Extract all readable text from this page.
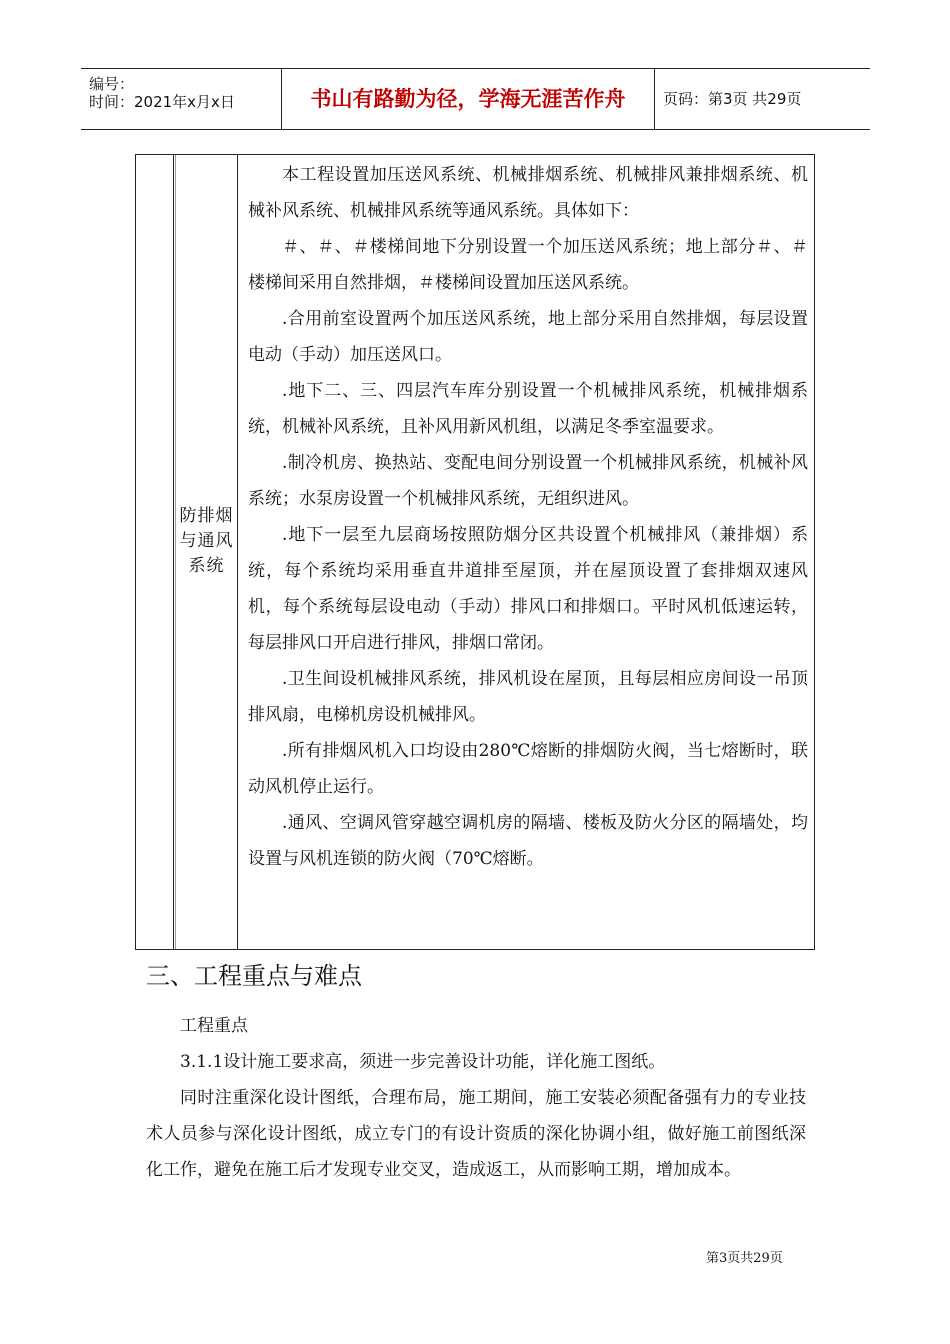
编号：
时间：2021年x月x日	书山有路勤为径，学海无涯苦作舟	页码：第3页 共29页
防排烟与通风系统

本工程设置加压送风系统、机械排烟系统、机械排风兼排烟系统、机械补风系统、机械排风系统等通风系统。具体如下：

＃、＃、＃楼梯间地下分别设置一个加压送风系统；地上部分＃、＃楼梯间采用自然排烟，＃楼梯间设置加压送风系统。

.合用前室设置两个加压送风系统，地上部分采用自然排烟，每层设置电动（手动）加压送风口。

.地下二、三、四层汽车库分别设置一个机械排风系统，机械排烟系统，机械补风系统，且补风用新风机组，以满足冬季室温要求。

.制冷机房、换热站、变配电间分别设置一个机械排风系统，机械补风系统；水泵房设置一个机械排风系统，无组织进风。

.地下一层至九层商场按照防烟分区共设置个机械排风（兼排烟）系统，每个系统均采用垂直井道排至屋顶，并在屋顶设置了套排烟双速风机，每个系统每层设电动（手动）排风口和排烟口。平时风机低速运转，每层排风口开启进行排风，排烟口常闭。

.卫生间设机械排风系统，排风机设在屋顶，且每层相应房间设一吊顶排风扇，电梯机房设机械排风。

.所有排烟风机入口均设由280℃熔断的排烟防火阀，当七熔断时，联动风机停止运行。

.通风、空调风管穿越空调机房的隔墙、楼板及防火分区的隔墙处，均设置与风机连锁的防火阀（70℃熔断。

三、工程重点与难点

工程重点

3.1.1设计施工要求高，须进一步完善设计功能，详化施工图纸。

同时注重深化设计图纸，合理布局，施工期间，施工安装必须配备强有力的专业技术人员参与深化设计图纸，成立专门的有设计资质的深化协调小组，做好施工前图纸深化工作，避免在施工后才发现专业交叉，造成返工，从而影响工期，增加成本。

第3页共29页
